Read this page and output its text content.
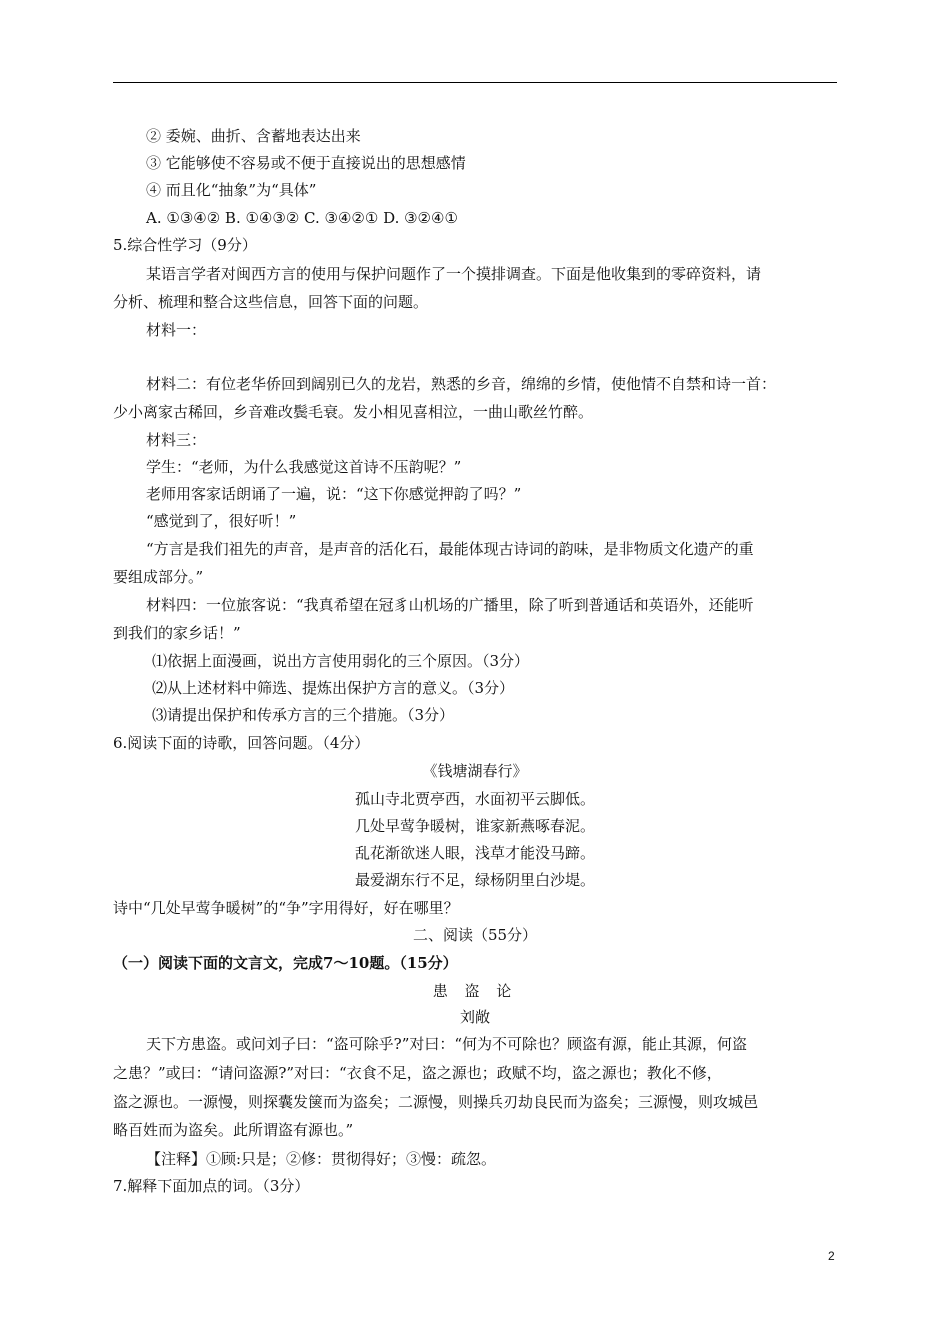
② 委婉、曲折、含蓄地表达出来
③ 它能够使不容易或不便于直接说出的思想感情
④ 而且化“抽象”为“具体”
A. ①③④② B. ①④③② C. ③④②① D. ③②④①
5.综合性学习（9分）
某语言学者对闽西方言的使用与保护问题作了一个摸排调查。下面是他收集到的零碎资料，请
分析、梳理和整合这些信息，回答下面的问题。
材料一：
材料二：有位老华侨回到阔别已久的龙岩，熟悉的乡音，绵绵的乡情，使他情不自禁和诗一首：
少小离家古稀回，乡音难改鬓毛衰。发小相见喜相泣，一曲山歌丝竹醉。
材料三：
学生：“老师，为什么我感觉这首诗不压韵呢？”
老师用客家话朗诵了一遍，说：“这下你感觉押韵了吗？”
“感觉到了，很好听！”
“方言是我们祖先的声音，是声音的活化石，最能体现古诗词的韵味，是非物质文化遗产的重
要组成部分。”
材料四：一位旅客说：“我真希望在冠豸山机场的广播里，除了听到普通话和英语外，还能听
到我们的家乡话！”
⑴依据上面漫画，说出方言使用弱化的三个原因。（3分）
⑵从上述材料中筛选、提炼出保护方言的意义。（3分）
⑶请提出保护和传承方言的三个措施。（3分）
6.阅读下面的诗歌，回答问题。（4分）
《钱塘湖春行》
孤山寺北贾亭西，水面初平云脚低。
几处早莺争暖树，谁家新燕啄春泥。
乱花渐欲迷人眼，浅草才能没马蹄。
最爱湖东行不足，绿杨阴里白沙堤。
诗中“几处早莺争暖树”的“争”字用得好，好在哪里？
二、阅读（55分）
（一）阅读下面的文言文，完成7～10题。（15分）
患 盗 论
刘敞
天下方患盗。或问刘子曰：“盗可除乎?”对曰：“何为不可除也？顾盗有源，能止其源，何盗
之患？”或曰：“请问盗源?”对曰：“衣食不足，盗之源也；政赋不均，盗之源也；教化不修，
盗之源也。一源慢，则探囊发箧而为盗矣；二源慢，则操兵刃劫良民而为盗矣；三源慢，则攻城邑
略百姓而为盗矣。此所谓盗有源也。”
【注释】①顾:只是；②修：贯彻得好；③慢：疏忽。
7.解释下面加点的词。（3分）
2
